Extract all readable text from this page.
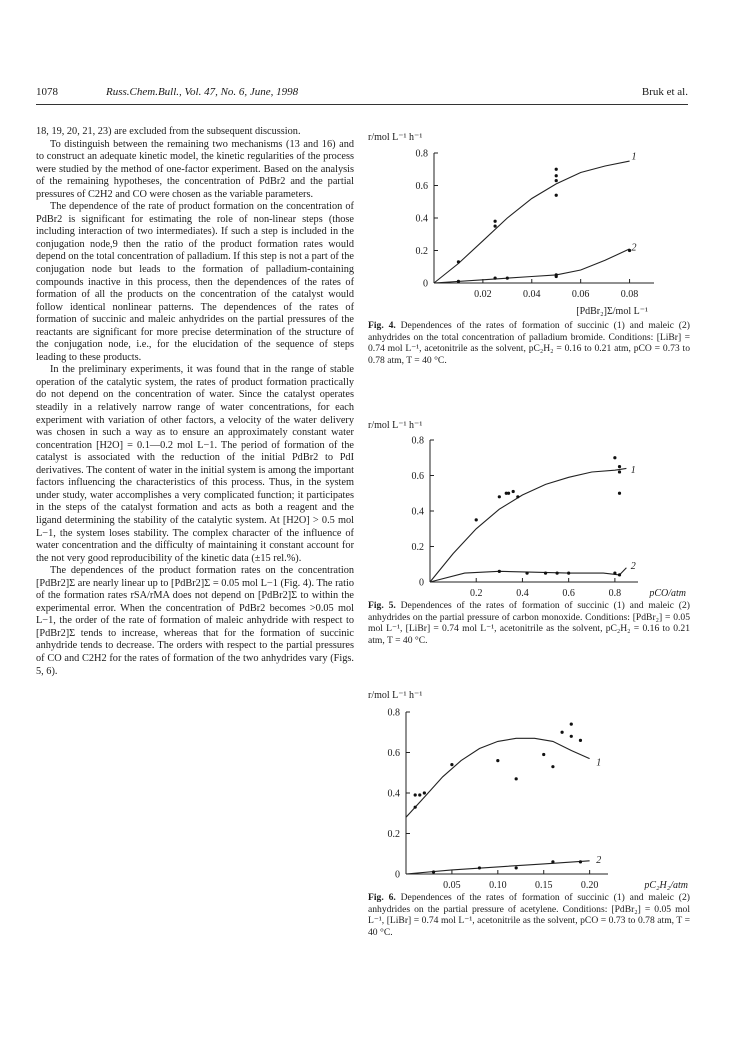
1078	Russ.Chem.Bull., Vol. 47, No. 6, June, 1998	Bruk et al.

18, 19, 20, 21, 23) are excluded from the subsequent discussion.

To distinguish between the remaining two mechanisms (13 and 16) and to construct an adequate kinetic model, the kinetic regularities of the process were studied by the method of one-factor experiment. Based on the analysis of the remaining hypotheses, the concentration of PdBr2 and the partial pressures of C2H2 and CO were chosen as the variable parameters.

The dependence of the rate of product formation on the concentration of PdBr2 is significant for estimating the role of non-linear steps (those including interaction of two intermediates). If such a step is included in the conjugation node,9 then the ratio of the product formation rates would depend on the total concentration of palladium. If this step is not a part of the conjugation node but leads to the formation of palladium-containing compounds inactive in this process, then the dependences of the rates of formation of all the products on the concentration of the catalyst would follow identical nonlinear patterns. The dependences of the rates of formation of succinic and maleic anhydrides on the partial pressures of the reactants are significant for more precise determination of the structure of the conjugation node, i.e., for the elucidation of the sequence of steps leading to these products.

In the preliminary experiments, it was found that in the range of stable operation of the catalytic system, the rates of product formation practically do not depend on the concentration of water. Since the catalyst operates steadily in a relatively narrow range of water concentrations, for each experiment with variation of other factors, a velocity of the water delivery was chosen in such a way as to ensure an approximately constant water concentration [H2O] = 0.1—0.2 mol L−1. The period of formation of the catalyst is associated with the reduction of the initial PdBr2 to PdI derivatives. The content of water in the initial system is among the important factors influencing the characteristics of this process. Thus, in the system under study, water accomplishes a very complicated function; it participates in the steps of the catalyst formation and acts as both a reagent and the ligand determining the stability of the catalytic system. At [H2O] > 0.5 mol L−1, the system loses stability. The complex character of the influence of water concentration and the difficulty of maintaining it constant account for the not very good reproducibility of the kinetic data (±15 rel.%).

The dependences of the product formation rates on the concentration [PdBr2]Σ are nearly linear up to [PdBr2]Σ = 0.05 mol L−1 (Fig. 4). The ratio of the formation rates rSA/rMA does not depend on [PdBr2]Σ to within the experimental error. When the concentration of PdBr2 becomes >0.05 mol L−1, the order of the rate of formation of maleic anhydride with respect to [PdBr2]Σ tends to increase, whereas that for the formation of succinic anhydride tends to decrease. The orders with respect to the partial pressures of CO and C2H2 for the rates of formation of the two anhydrides vary (Figs. 5, 6).

r/mol L⁻¹ h⁻¹
[PdBr₂]Σ/mol L⁻¹
0.8
0.6
0.4
0.2
0
0.02	0.04	0.06	0.08
1
2
Fig. 4. Dependences of the rates of formation of succinic (1) and maleic (2) anhydrides on the total concentration of palladium bromide. Conditions: [LiBr] = 0.74 mol L⁻¹, acetonitrile as the solvent, pC₂H₂ = 0.16 to 0.21 atm, pCO = 0.73 to 0.78 atm, T = 40 °C.
r/mol L⁻¹ h⁻¹
pCO/atm
0.8
0.6
0.4
0.2
0
0.2	0.4	0.6	0.8
1
2
Fig. 5. Dependences of the rates of formation of succinic (1) and maleic (2) anhydrides on the partial pressure of carbon monoxide. Conditions: [PdBr₂] = 0.05 mol L⁻¹, [LiBr] = 0.74 mol L⁻¹, acetonitrile as the solvent, pC₂H₂ = 0.16 to 0.21 atm, T = 40 °C.
r/mol L⁻¹ h⁻¹
pC₂H₂/atm
0.8
0.6
0.4
0.2
0
0.05	0.10	0.15	0.20
1
2
Fig. 6. Dependences of the rates of formation of succinic (1) and maleic (2) anhydrides on the partial pressure of acetylene. Conditions: [PdBr₂] = 0.05 mol L⁻¹, [LiBr] = 0.74 mol L⁻¹, acetonitrile as the solvent, pCO = 0.73 to 0.78 atm, T = 40 °C.
